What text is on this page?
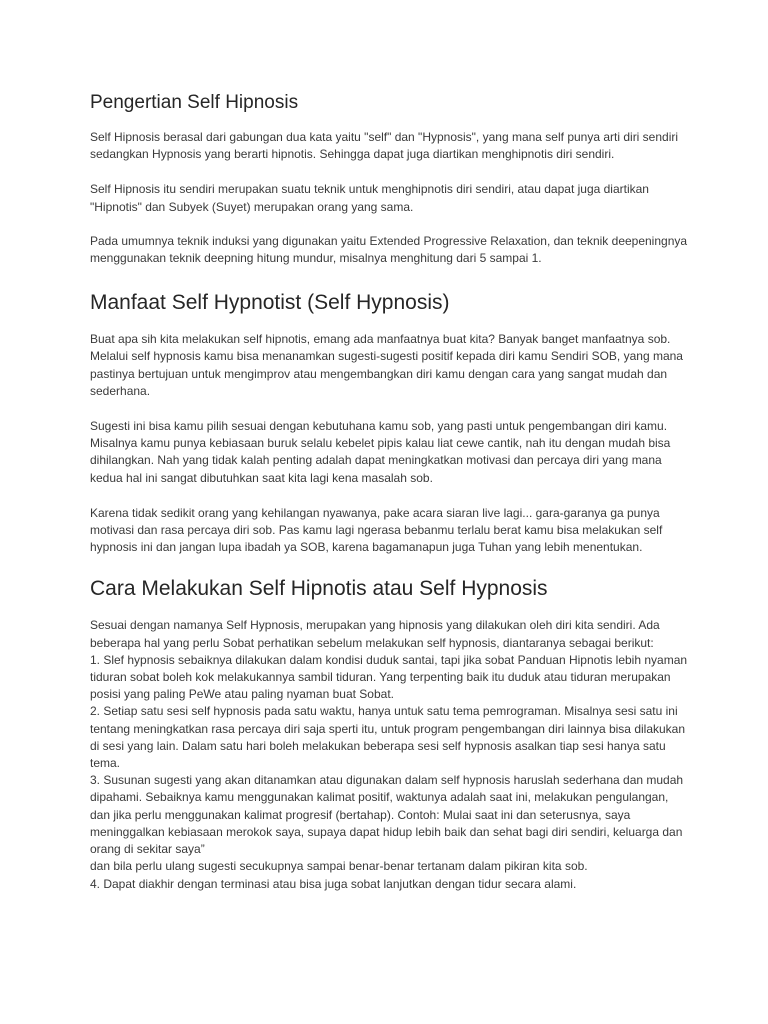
Pengertian Self Hipnosis

Self Hipnosis berasal dari gabungan dua kata yaitu "self" dan "Hypnosis", yang mana self punya arti diri sendiri sedangkan Hypnosis yang berarti hipnotis. Sehingga dapat juga diartikan menghipnotis diri sendiri.

Self Hipnosis itu sendiri merupakan suatu teknik untuk menghipnotis diri sendiri, atau dapat juga diartikan "Hipnotis" dan Subyek (Suyet) merupakan orang yang sama.

Pada umumnya teknik induksi yang digunakan yaitu Extended Progressive Relaxation, dan teknik deepeningnya menggunakan teknik deepning hitung mundur, misalnya menghitung dari 5 sampai 1.

Manfaat Self Hypnotist (Self Hypnosis)

Buat apa sih kita melakukan self hipnotis, emang ada manfaatnya buat kita? Banyak banget manfaatnya sob. Melalui self hypnosis kamu bisa menanamkan sugesti-sugesti positif kepada diri kamu Sendiri SOB, yang mana pastinya bertujuan untuk mengimprov atau mengembangkan diri kamu dengan cara yang sangat mudah dan sederhana.

Sugesti ini bisa kamu pilih sesuai dengan kebutuhana kamu sob, yang pasti untuk pengembangan diri kamu. Misalnya kamu punya kebiasaan buruk selalu kebelet pipis kalau liat cewe cantik, nah itu dengan mudah bisa dihilangkan. Nah yang tidak kalah penting adalah dapat meningkatkan motivasi dan percaya diri yang mana kedua hal ini sangat dibutuhkan saat kita lagi kena masalah sob.

Karena tidak sedikit orang yang kehilangan nyawanya, pake acara siaran live lagi... gara-garanya ga punya motivasi dan rasa percaya diri sob. Pas kamu lagi ngerasa bebanmu terlalu berat kamu bisa melakukan self hypnosis ini dan jangan lupa ibadah ya SOB, karena bagamanapun juga Tuhan yang lebih menentukan.

Cara Melakukan Self Hipnotis atau Self Hypnosis

Sesuai dengan namanya Self Hypnosis, merupakan yang hipnosis yang dilakukan oleh diri kita sendiri. Ada beberapa hal yang perlu Sobat perhatikan sebelum melakukan self hypnosis, diantaranya sebagai berikut:

1. Slef hypnosis sebaiknya dilakukan dalam kondisi duduk santai, tapi jika sobat Panduan Hipnotis lebih nyaman tiduran sobat boleh kok melakukannya sambil tiduran. Yang terpenting baik itu duduk atau tiduran merupakan posisi yang paling PeWe atau paling nyaman buat Sobat.

2. Setiap satu sesi self hypnosis pada satu waktu, hanya untuk satu tema pemrograman. Misalnya sesi satu ini tentang meningkatkan rasa percaya diri saja sperti itu, untuk program pengembangan diri lainnya bisa dilakukan di sesi yang lain. Dalam satu hari boleh melakukan beberapa sesi self hypnosis asalkan tiap sesi hanya satu tema.

3. Susunan sugesti yang akan ditanamkan atau digunakan dalam self hypnosis haruslah sederhana dan mudah dipahami. Sebaiknya kamu menggunakan kalimat positif, waktunya adalah saat ini, melakukan pengulangan, dan jika perlu menggunakan kalimat progresif (bertahap). Contoh: Mulai saat ini dan seterusnya, saya meninggalkan kebiasaan merokok saya, supaya dapat hidup lebih baik dan sehat bagi diri sendiri, keluarga dan orang di sekitar saya”

dan bila perlu ulang sugesti secukupnya sampai benar-benar tertanam dalam pikiran kita sob.

4. Dapat diakhir dengan terminasi atau bisa juga sobat lanjutkan dengan tidur secara alami.
